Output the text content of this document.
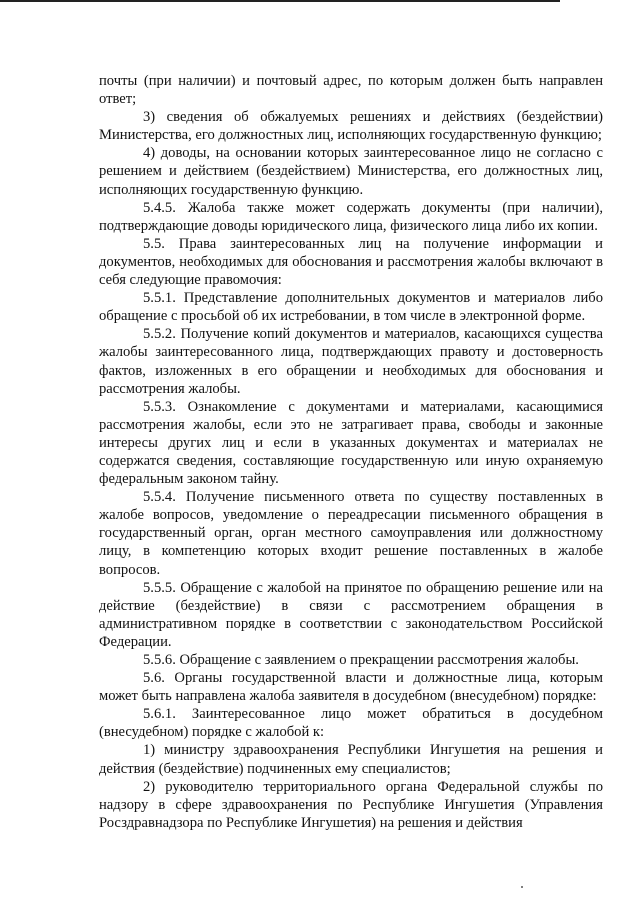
почты (при наличии) и почтовый адрес, по которым должен быть направлен ответ;

3) сведения об обжалуемых решениях и действиях (бездействии) Министерства, его должностных лиц, исполняющих государственную функцию;

4) доводы, на основании которых заинтересованное лицо не согласно с решением и действием (бездействием) Министерства, его должностных лиц, исполняющих государственную функцию.

5.4.5. Жалоба также может содержать документы (при наличии), подтверждающие доводы юридического лица, физического лица либо их копии.

5.5. Права заинтересованных лиц на получение информации и документов, необходимых для обоснования и рассмотрения жалобы включают в себя следующие правомочия:

5.5.1. Представление дополнительных документов и материалов либо обращение с просьбой об их истребовании, в том числе в электронной форме.

5.5.2. Получение копий документов и материалов, касающихся существа жалобы заинтересованного лица, подтверждающих правоту и достоверность фактов, изложенных в его обращении и необходимых для обоснования и рассмотрения жалобы.

5.5.3. Ознакомление с документами и материалами, касающимися рассмотрения жалобы, если это не затрагивает права, свободы и законные интересы других лиц и если в указанных документах и материалах не содержатся сведения, составляющие государственную или иную охраняемую федеральным законом тайну.

5.5.4. Получение письменного ответа по существу поставленных в жалобе вопросов, уведомление о переадресации письменного обращения в государственный орган, орган местного самоуправления или должностному лицу, в компетенцию которых входит решение поставленных в жалобе вопросов.

5.5.5. Обращение с жалобой на принятое по обращению решение или на действие (бездействие) в связи с рассмотрением обращения в административном порядке в соответствии с законодательством Российской Федерации.

5.5.6. Обращение с заявлением о прекращении рассмотрения жалобы.

5.6. Органы государственной власти и должностные лица, которым может быть направлена жалоба заявителя в досудебном (внесудебном) порядке:

5.6.1. Заинтересованное лицо может обратиться в досудебном (внесудебном) порядке с жалобой к:

1) министру здравоохранения Республики Ингушетия на решения и действия (бездействие) подчиненных ему специалистов;

2) руководителю территориального органа Федеральной службы по надзору в сфере здравоохранения по Республике Ингушетия (Управления Росздравнадзора по Республике Ингушетия) на решения и действия
